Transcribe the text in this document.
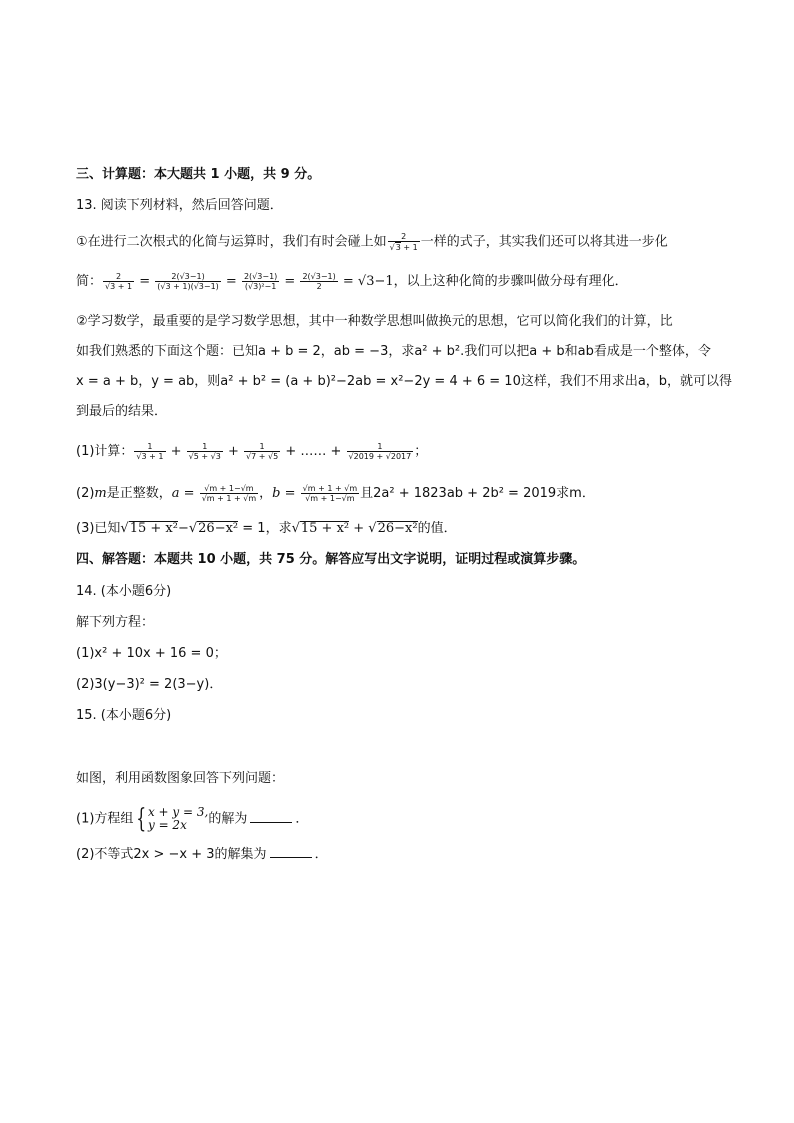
三、计算题：本大题共 1 小题，共 9 分。
13. 阅读下列材料，然后回答问题．
①在进行二次根式的化简与运算时，我们有时会碰上如 $\frac{2}{√3 + 1}$ 一样的式子，其实我们还可以将其进一步化
简： $\frac{2}{√3 + 1} = \frac{2(√3-1)}{(√3 + 1)(√3-1)} = \frac{2(√3-1)}{\text{(√3)²−1}} = \frac{2(√3-1)}{2} = √3-1$，以上这种化简的步骤叫做分母有理化．
②学习数学，最重要的是学习数学思想，其中一种数学思想叫做换元的思想，它可以简化我们的计算，比
如我们熟悉的下面这个题：已知a + b = 2，ab = −3，求a² + b².我们可以把a + b和ab看成是一个整体，令
x = a + b，y = ab，则a² + b² = (a + b)²−2ab = x²−2y = 4 + 6 = 10这样，我们不用求出a，b，就可以得
到最后的结果．
(1)计算： $\frac{1}{√3 + 1} + \frac{1}{√5 + √3} + \frac{1}{√7 + √5}$ + …… + $\frac{1}{√2019 + √2017}$ ；
(2)m是正整数，$a = \frac{√m + 1-√m}{√m + 1 + √m}$ ，$b = \frac{√m + 1 + √m}{√m + 1-√m}$ 且2a² + 1823ab + 2b² = 2019求m．
(3)已知√15 + x²−√26−x² = 1，求√15 + x² + √26−x²的值．
四、解答题：本题共 10 小题，共 75 分。解答应写出文字说明，证明过程或演算步骤。
14. (本小题6分)
解下列方程：
(1)x² + 10x + 16 = 0；
(2)3(y−3)² = 2(3−y)．
15. (本小题6分)
如图，利用函数图象回答下列问题：
(1)方程组 { x + y = 3,
y = 2x	的解为	．
(2)不等式2x > −x + 3的解集为	．
